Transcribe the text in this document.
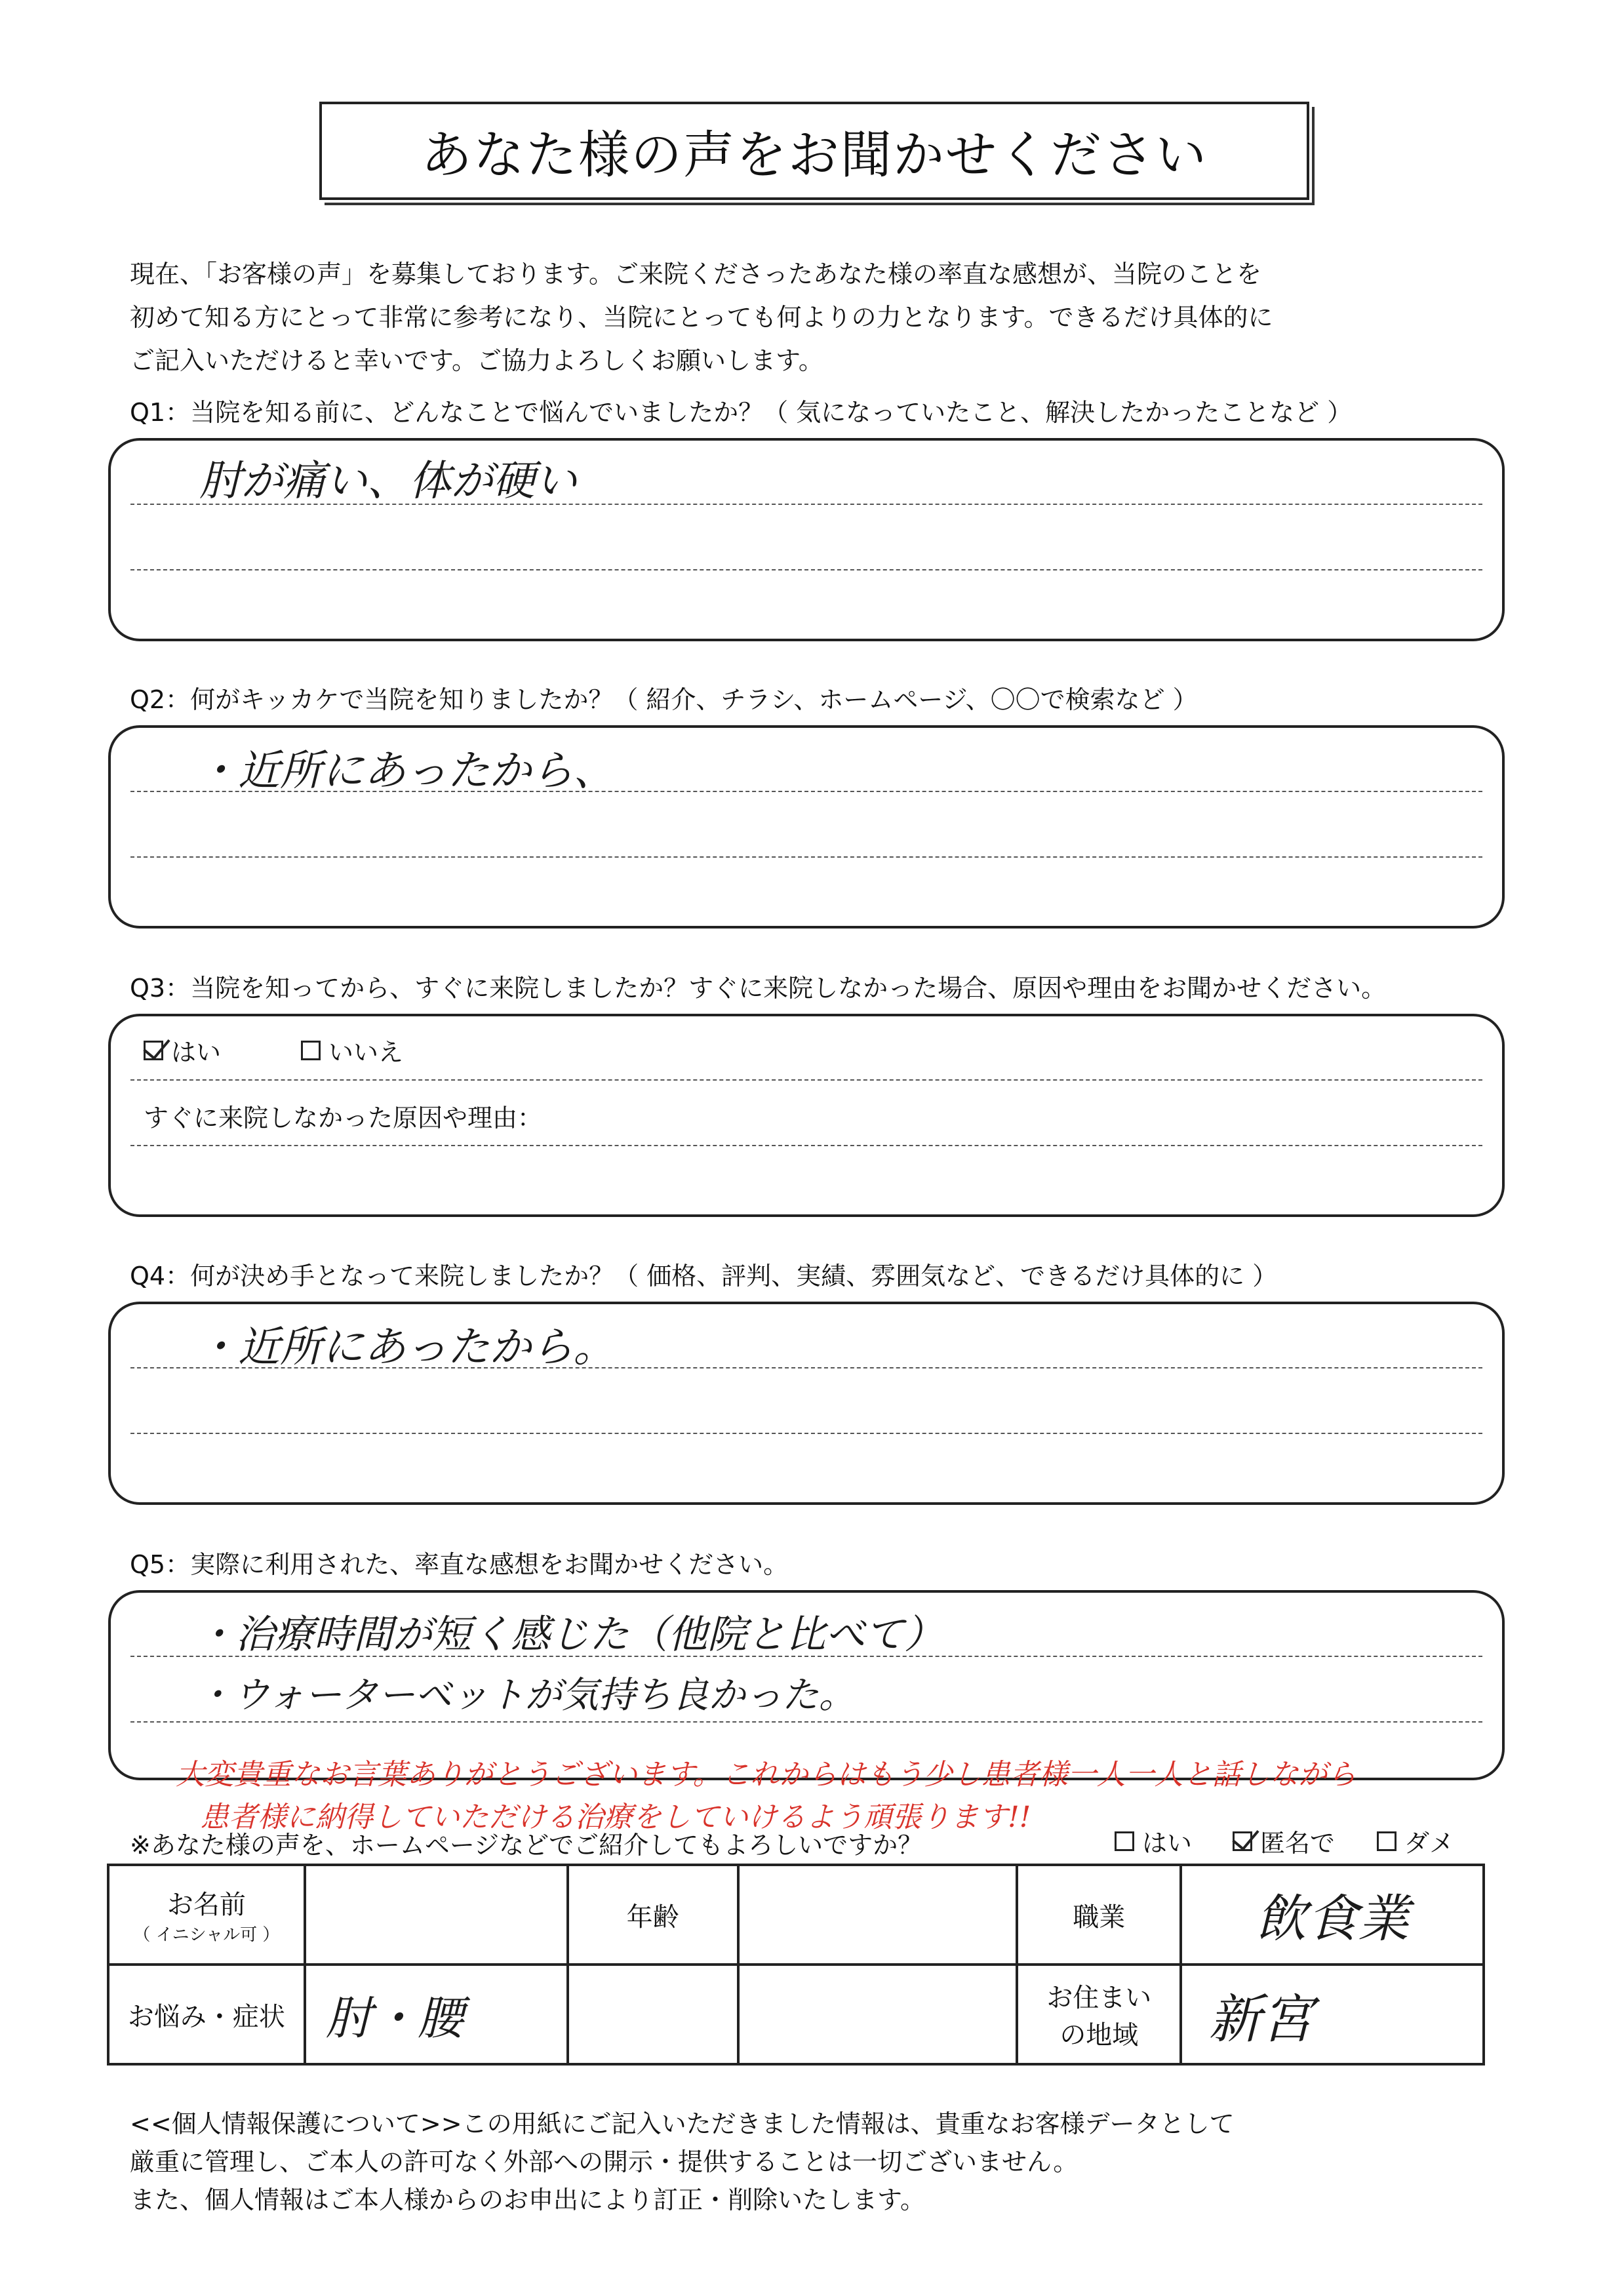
あなた様の声をお聞かせください
現在、「お客様の声」を募集しております。ご来院くださったあなた様の率直な感想が、当院のことを
初めて知る方にとって非常に参考になり、当院にとっても何よりの力となります。できるだけ具体的に
ご記入いただけると幸いです。ご協力よろしくお願いします。
Q1：当院を知る前に、どんなことで悩んでいましたか？（ 気になっていたこと、解決したかったことなど ）
肘が痛い、体が硬い
Q2：何がキッカケで当院を知りましたか？（ 紹介、チラシ、ホームページ、〇〇で検索など ）
・近所にあったから、
Q3：当院を知ってから、すぐに来院しましたか？すぐに来院しなかった場合、原因や理由をお聞かせください。
はい	いいえ
すぐに来院しなかった原因や理由：
Q4：何が決め手となって来院しましたか？（ 価格、評判、実績、雰囲気など、できるだけ具体的に ）
・近所にあったから。
Q5：実際に利用された、率直な感想をお聞かせください。
・治療時間が短く感じた（他院と比べて）
・ウォーターベットが気持ち良かった。
大変貴重なお言葉ありがとうございます。これからはもう少し患者様一人一人と話しながら
患者様に納得していただける治療をしていけるよう頑張ります!!
※あなた様の声を、ホームページなどでご紹介してもよろしいですか？	はい	匿名で	ダメ
お名前
（ イニシャル可 ）		年齢		職業	飲食業
お悩み・症状	肘・腰			お住まい
の地域	新宮
<<個人情報保護について>>この用紙にご記入いただきました情報は、貴重なお客様データとして
厳重に管理し、ご本人の許可なく外部への開示・提供することは一切ございません。
また、個人情報はご本人様からのお申出により訂正・削除いたします。
